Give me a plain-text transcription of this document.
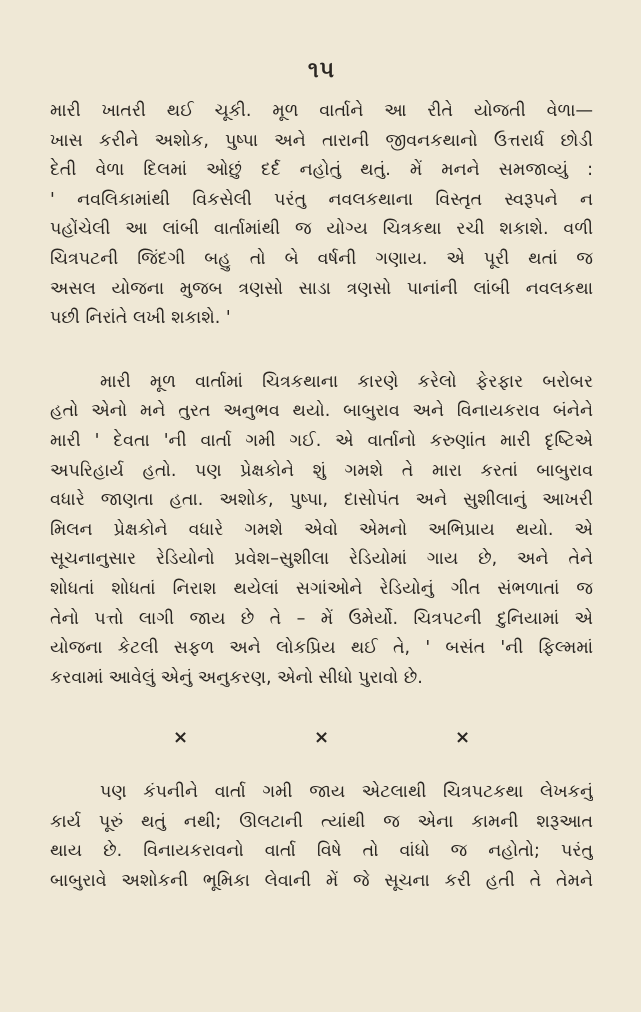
૧૫

મારી ખાતરી થઈ ચૂકી. મૂળ વાર્તાને આ રીતે યોજતી વેળા—

ખાસ કરીને અશોક, પુષ્પા અને તારાની જીવનકથાનો ઉત્તરાર્ધ છોડી

દેતી વેળા દિલમાં ઓછું દર્દ નહોતું થતું. મેં મનને સમજાવ્યું :

' નવલિકામાંથી વિકસેલી પરંતુ નવલકથાના વિસ્તૃત સ્વરૂપને ન

પહોંચેલી આ લાંબી વાર્તામાંથી જ યોગ્ય ચિત્રકથા રચી શકાશે. વળી

ચિત્રપટની જિંદગી બહુ તો બે વર્ષની ગણાય. એ પૂરી થતાં જ

અસલ યોજના મુજબ ત્રણસો સાડા ત્રણસો પાનાંની લાંબી નવલકથા

પછી નિરાંતે લખી શકાશે. '

મારી મૂળ વાર્તામાં ચિત્રકથાના કારણે કરેલો ફેરફાર બરોબર

હતો એનો મને તુરત અનુભવ થયો. બાબુરાવ અને વિનાયકરાવ બંનેને

મારી ' દેવતા 'ની વાર્તા ગમી ગઈ. એ વાર્તાનો કરુણાંત મારી દૃષ્ટિએ

અપરિહાર્ય હતો. પણ પ્રેક્ષકોને શું ગમશે તે મારા કરતાં બાબુરાવ

વધારે જાણતા હતા. અશોક, પુષ્પા, દાસોપંત અને સુશીલાનું આખરી

મિલન પ્રેક્ષકોને વધારે ગમશે એવો એમનો અભિપ્રાય થયો. એ

સૂચનાનુસાર રેડિયોનો પ્રવેશ–સુશીલા રેડિયોમાં ગાય છે, અને તેને

શોધતાં શોધતાં નિરાશ થયેલાં સગાંઓને રેડિયોનું ગીત સંભળાતાં જ

તેનો પત્તો લાગી જાય છે તે – મેં ઉમેર્યો. ચિત્રપટની દુનિયામાં એ

યોજના કેટલી સફળ અને લોકપ્રિય થઈ તે, ' બસંત 'ની ફિલ્મમાં

કરવામાં આવેલું એનું અનુકરણ, એનો સીધો પુરાવો છે.

×	×	×

પણ કંપનીને વાર્તા ગમી જાય એટલાથી ચિત્રપટકથા લેખકનું

કાર્ય પૂરું થતું નથી; ઊલટાની ત્યાંથી જ એના કામની શરૂઆત

થાય છે. વિનાયકરાવનો વાર્તા વિષે તો વાંધો જ નહોતો; પરંતુ

બાબુરાવે અશોકની ભૂમિકા લેવાની મેં જે સૂચના કરી હતી તે તેમને
